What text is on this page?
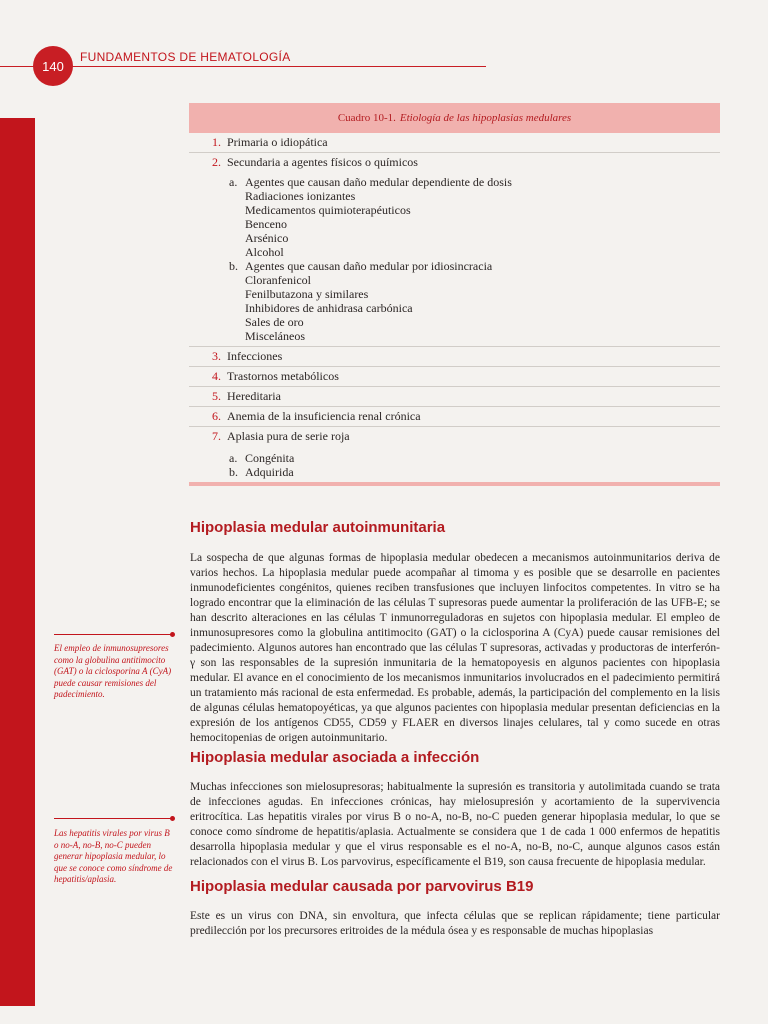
140
FUNDAMENTOS DE HEMATOLOGÍA
Cuadro 10-1. Etiología de las hipoplasias medulares
1. Primaria o idiopática
2. Secundaria a agentes físicos o químicos
a. Agentes que causan daño medular dependiente de dosis
Radiaciones ionizantes
Medicamentos quimioterapéuticos
Benceno
Arsénico
Alcohol
b. Agentes que causan daño medular por idiosincracia
Cloranfenicol
Fenilbutazona y similares
Inhibidores de anhidrasa carbónica
Sales de oro
Misceláneos
3. Infecciones
4. Trastornos metabólicos
5. Hereditaria
6. Anemia de la insuficiencia renal crónica
7. Aplasia pura de serie roja
a. Congénita
b. Adquirida
Hipoplasia medular autoinmunitaria

La sospecha de que algunas formas de hipoplasia medular obedecen a mecanismos autoinmunitarios deriva de varios hechos. La hipoplasia medular puede acompañar al timoma y es posible que se desarrolle en pacientes inmunodeficientes congénitos, quienes reciben transfusiones que incluyen linfocitos competentes. In vitro se ha logrado encontrar que la eliminación de las células T supresoras puede aumentar la proliferación de las UFB-E; se han descrito alteraciones en las células T inmunorreguladoras en sujetos con hipoplasia medular. El empleo de inmunosupresores como la globulina antitimocito (GAT) o la ciclosporina A (CyA) puede causar remisiones del padecimiento. Algunos autores han encontrado que las células T supresoras, activadas y productoras de interferón-γ son las responsables de la supresión inmunitaria de la hematopoyesis en algunos pacientes con hipoplasia medular. El avance en el conocimiento de los mecanismos inmunitarios involucrados en el padecimiento permitirá un tratamiento más racional de esta enfermedad. Es probable, además, la participación del complemento en la lisis de algunas células hematopoyéticas, ya que algunos pacientes con hipoplasia medular presentan deficiencias en la expresión de los antígenos CD55, CD59 y FLAER en diversos linajes celulares, tal y como sucede en otras hemocitopenias de origen autoinmunitario.

El empleo de inmunosupresores como la globulina antitimocito (GAT) o la ciclosporina A (CyA) puede causar remisiones del padecimiento.

Hipoplasia medular asociada a infección

Muchas infecciones son mielosupresoras; habitualmente la supresión es transitoria y autolimitada cuando se trata de infecciones agudas. En infecciones crónicas, hay mielosupresión y acortamiento de la supervivencia eritrocítica. Las hepatitis virales por virus B o no-A, no-B, no-C pueden generar hipoplasia medular, lo que se conoce como síndrome de hepatitis/aplasia. Actualmente se considera que 1 de cada 1 000 enfermos de hepatitis desarrolla hipoplasia medular y que el virus responsable es el no-A, no-B, no-C, aunque algunos casos están relacionados con el virus B. Los parvovirus, específicamente el B19, son causa frecuente de hipoplasia medular.

Las hepatitis virales por virus B o no-A, no-B, no-C pueden generar hipoplasia medular, lo que se conoce como síndrome de hepatitis/aplasia.	Hipoplasia medular causada por parvovirus B19

Este es un virus con DNA, sin envoltura, que infecta células que se replican rápidamente; tiene particular predilección por los precursores eritroides de la médula ósea y es responsable de muchas hipoplasias
